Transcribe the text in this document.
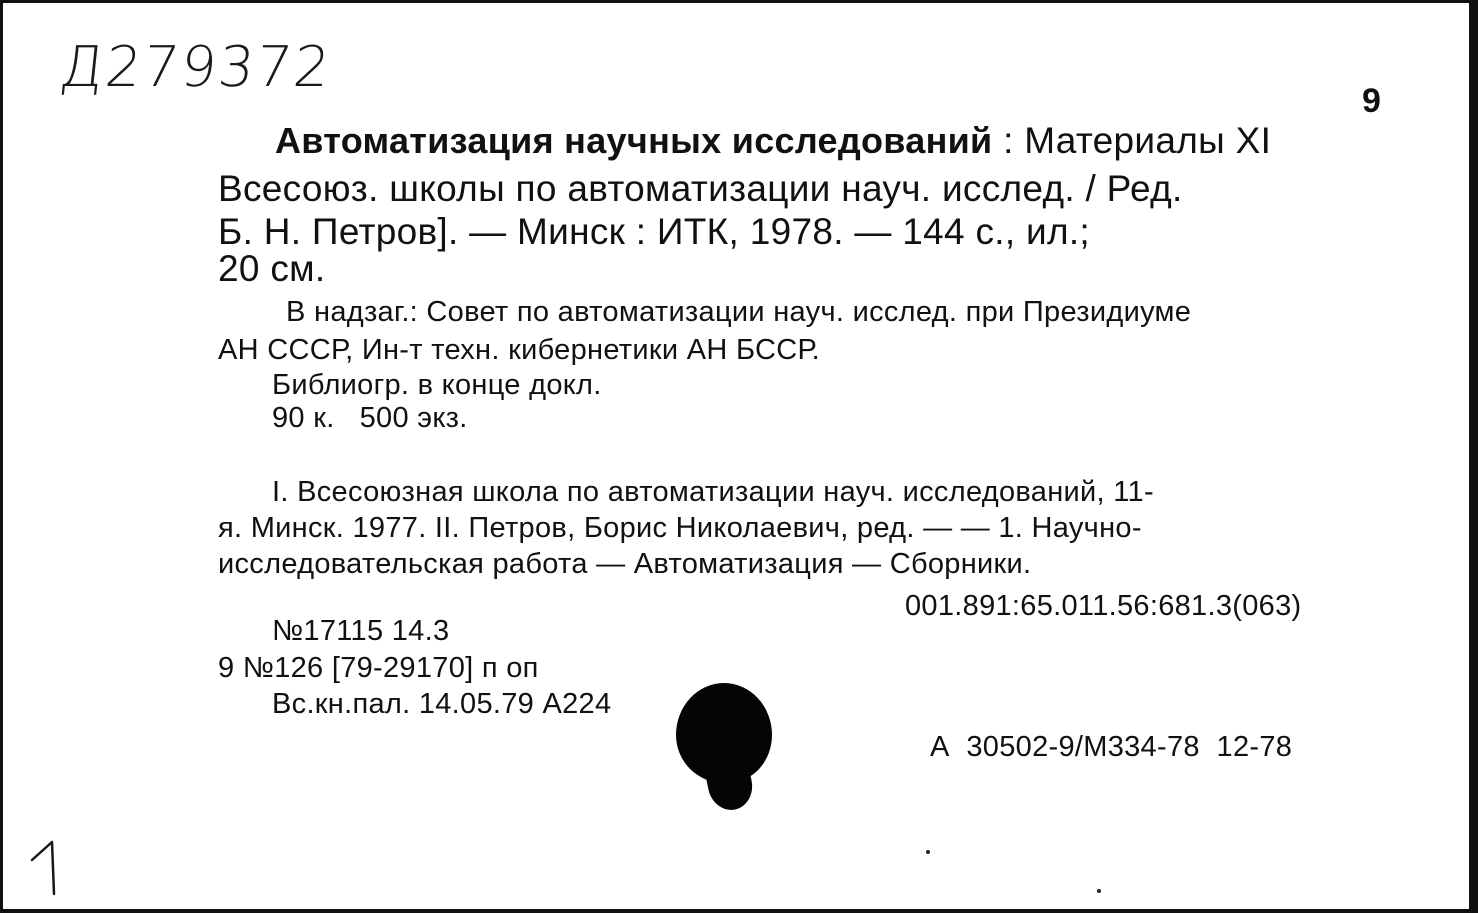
Д279372
9
Автоматизация научных исследований : Материалы XI
Всесоюз. школы по автоматизации науч. исслед. / Ред.
Б. Н. Петров]. — Минск : ИТК, 1978. — 144 с., ил.;
20 см.
В надзаг.: Совет по автоматизации науч. исслед. при Президиуме
АН СССР, Ин-т техн. кибернетики АН БССР.
Библиогр. в конце докл.
90 к.   500 экз.
I. Всесоюзная школа по автоматизации науч. исследований, 11-
я. Минск. 1977. II. Петров, Борис Николаевич, ред. — — 1. Научно-
исследовательская работа — Автоматизация — Сборники.
001.891:65.011.56:681.3(063)
№17115 14.3
9 №126 [79-29170] п оп
Вс.кн.пал. 14.05.79 А224
А  30502-9/М334-78  12-78
1
